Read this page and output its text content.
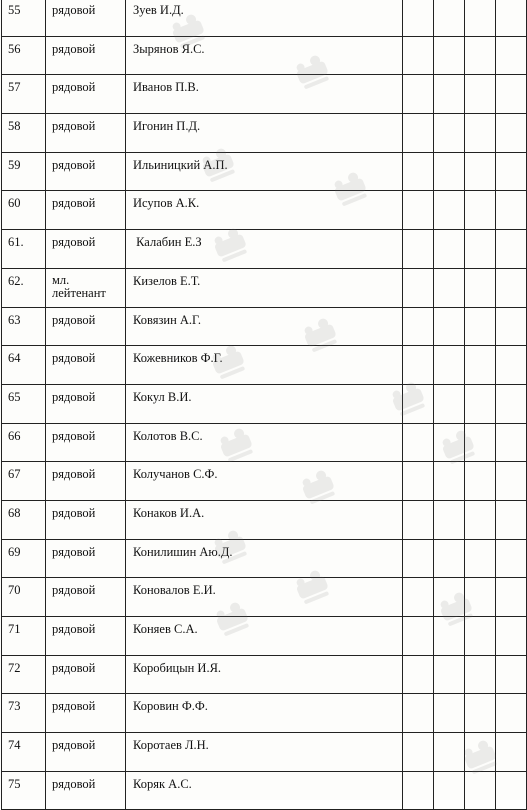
55	рядовой	Зуев И.Д.				

56	рядовой	Зырянов Я.С.				

57	рядовой	Иванов П.В.				

58	рядовой	Игонин П.Д.				

59	рядовой	Ильиницкий А.П.				

60	рядовой	Исупов А.К.				

61.	рядовой	Калабин Е.З				

62.	мл. лейтенант	Кизелов Е.Т.				

63	рядовой	Ковязин А.Г.				

64	рядовой	Кожевников Ф.Г.				

65	рядовой	Кокул В.И.				

66	рядовой	Колотов В.С.				

67	рядовой	Колучанов С.Ф.				

68	рядовой	Конаков И.А.				

69	рядовой	Конилишин Аю.Д.				

70	рядовой	Коновалов Е.И.				

71	рядовой	Коняев С.А.				

72	рядовой	Коробицын И.Я.				

73	рядовой	Коровин Ф.Ф.				

74	рядовой	Коротаев Л.Н.				

75	рядовой	Коряк А.С.				
